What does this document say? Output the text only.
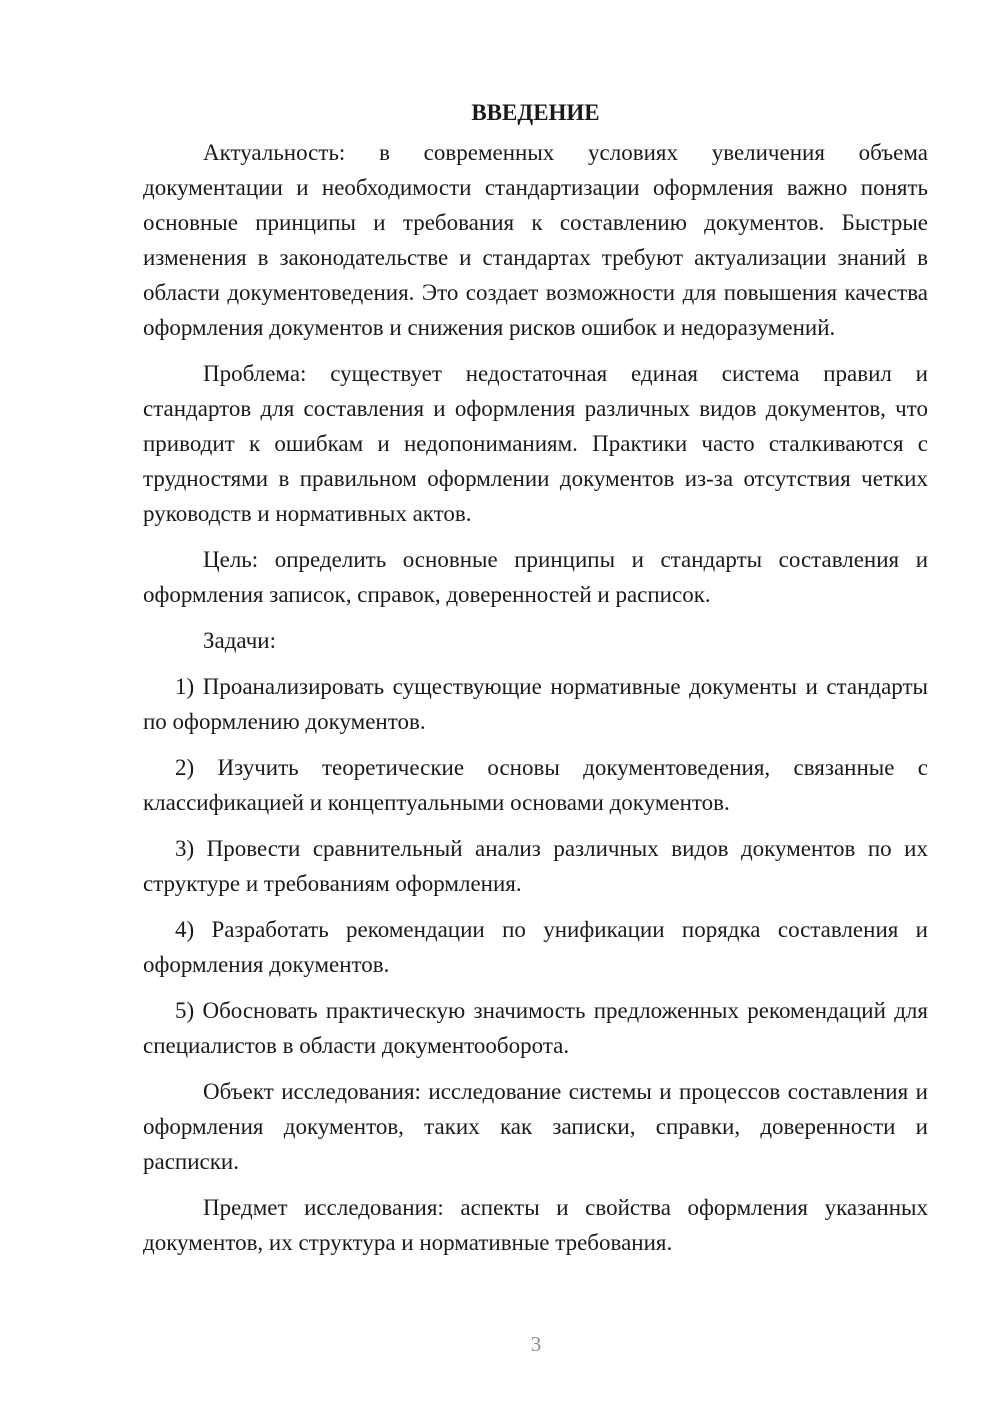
ВВЕДЕНИЕ

Актуальность: в современных условиях увеличения объема документации и необходимости стандартизации оформления важно понять основные принципы и требования к составлению документов. Быстрые изменения в законодательстве и стандартах требуют актуализации знаний в области документоведения. Это создает возможности для повышения качества оформления документов и снижения рисков ошибок и недоразумений.

Проблема: существует недостаточная единая система правил и стандартов для составления и оформления различных видов документов, что приводит к ошибкам и недопониманиям. Практики часто сталкиваются с трудностями в правильном оформлении документов из-за отсутствия четких руководств и нормативных актов.

Цель: определить основные принципы и стандарты составления и оформления записок, справок, доверенностей и расписок.

Задачи:

1) Проанализировать существующие нормативные документы и стандарты по оформлению документов.

2) Изучить теоретические основы документоведения, связанные с классификацией и концептуальными основами документов.

3) Провести сравнительный анализ различных видов документов по их структуре и требованиям оформления.

4) Разработать рекомендации по унификации порядка составления и оформления документов.

5) Обосновать практическую значимость предложенных рекомендаций для специалистов в области документооборота.

Объект исследования: исследование системы и процессов составления и оформления документов, таких как записки, справки, доверенности и расписки.

Предмет исследования: аспекты и свойства оформления указанных документов, их структура и нормативные требования.

3
